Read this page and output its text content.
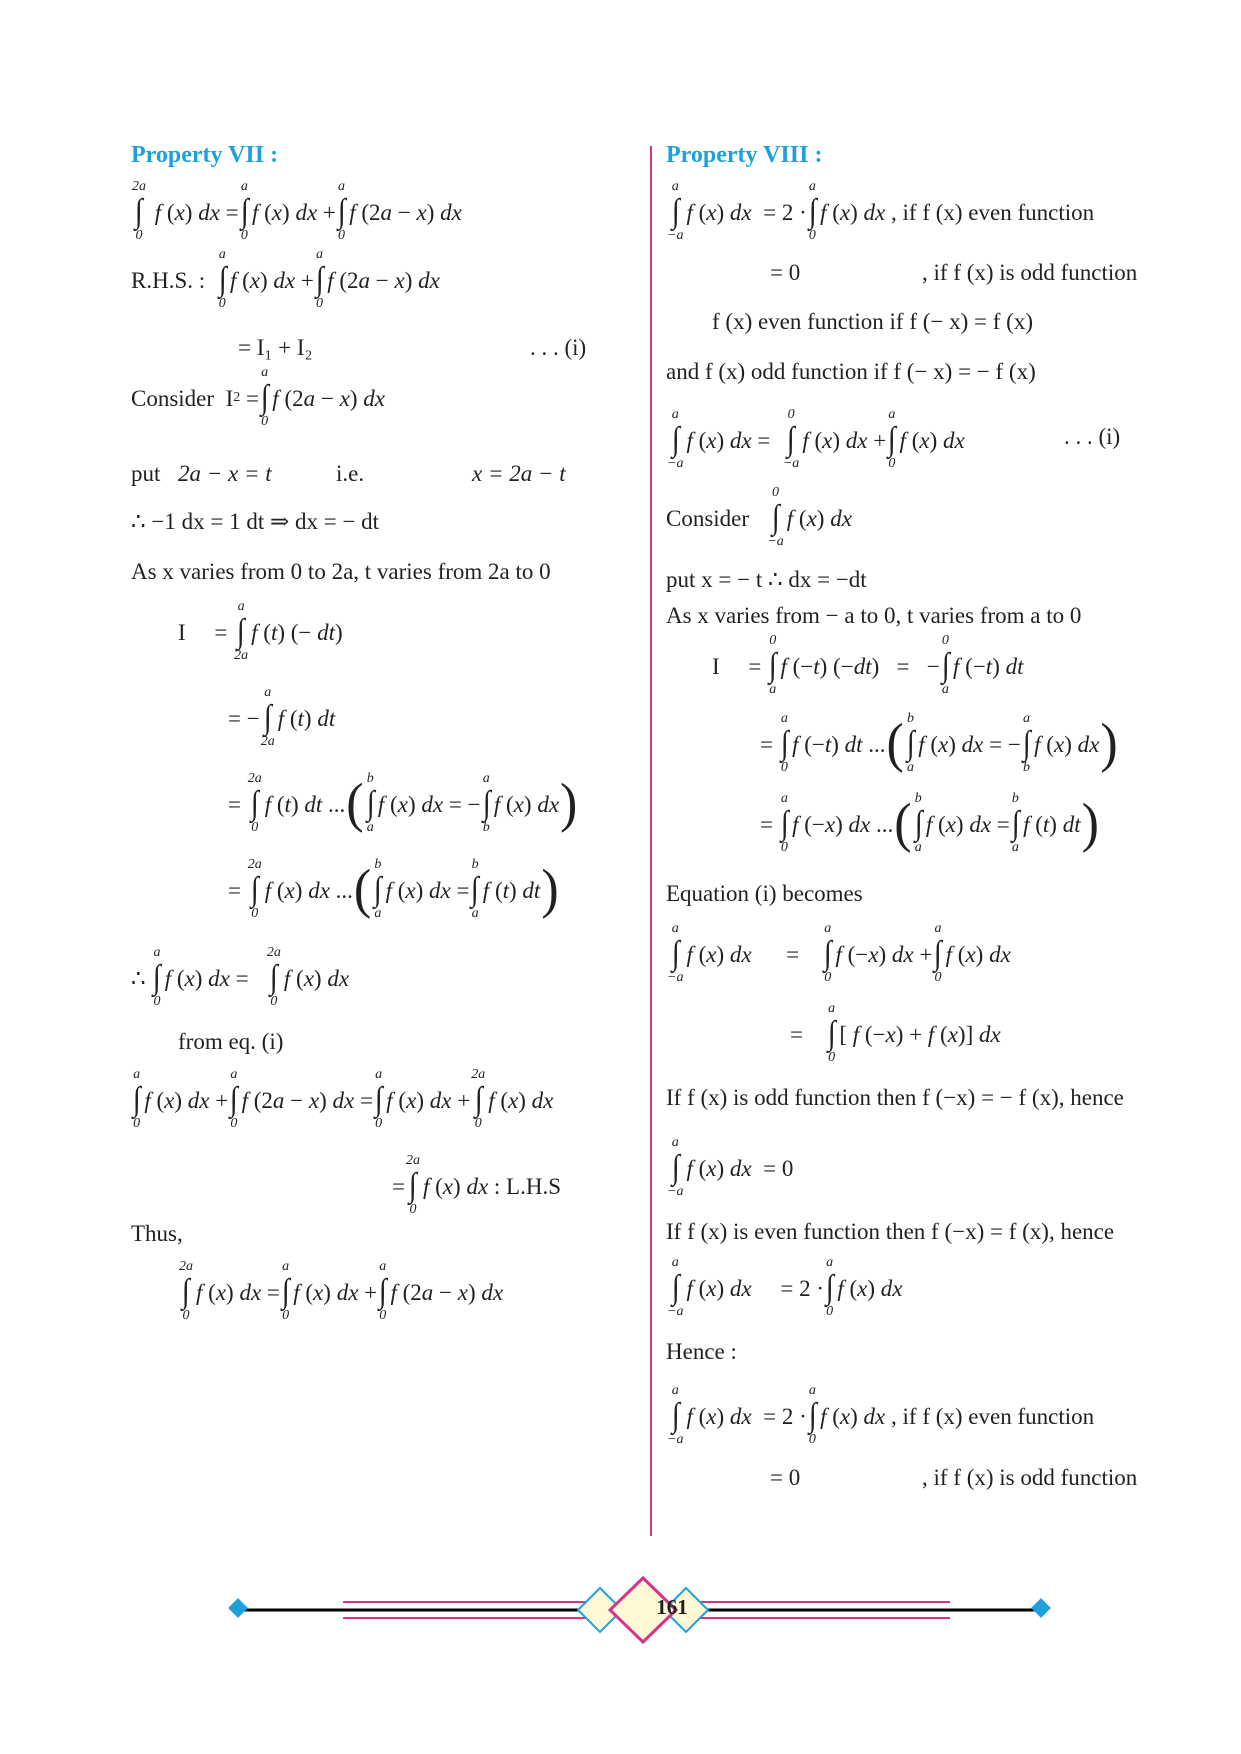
Property VII :
2a
∫
0
f ( x ) dx =
a
∫
0
f ( x ) dx +
a
∫
0
f (2 a − x ) dx
R.H.S. :

a
∫
0
f ( x ) dx +
a
∫
0
f (2 a − x ) dx
= I₁ + I₂	. . . (i)
Consider I 2 =
a
∫
0
f (2 a − x ) dx
put 2a − x = t	i.e.	x = 2a − t
∴ −1 dx = 1 dt ⇒ dx = − dt
As x varies from 0 to 2a, t varies from 2a to 0
I     =
a
∫
2a
f ( t ) (− dt )
= −
a
∫
2a
f ( t ) dt
=
2a
∫
0
f ( t ) dt ... ( b
∫
a
f ( x ) dx = −
a
∫
b
f ( x ) dx )
=
2a
∫
0
f ( x ) dx ... ( b
∫
a
f ( x ) dx =
b
∫
a
f ( t ) dt )
∴
a
∫
0
f ( x ) dx =
2a
∫
0
f ( x ) dx
from eq. (i)
a
∫
0
f ( x ) dx +
a
∫
0
f (2 a − x ) dx =
a
∫
0
f ( x ) dx +
2a
∫
0
f ( x ) dx
=
2a
∫
0
f ( x ) dx
: L.H.S
Thus,
2a
∫
0
f ( x ) dx =
a
∫
0
f ( x ) dx +
a
∫
0
f (2 a − x ) dx
Property VIII :
a
∫
−a
f ( x ) dx = 2 ·
a
∫
0
f ( x ) dx , if f (x) even function
= 0	, if f (x) is odd function
f (x) even function if f (− x) = f (x)
and f (x) odd function if f (− x) = − f (x)
a
∫
−a
f ( x ) dx =
0
∫
−a
f ( x ) dx +
a
∫
0
f ( x ) dx	. . . (i)
Consider

0
∫
−a
f ( x ) dx
put x = − t ∴ dx = −dt
As x varies from − a to 0, t varies from a to 0
I     =
0
∫
a
f (− t ) (− dt )   =   −
0
∫
a
f (− t ) dt
=
a
∫
0
f (− t ) dt ... ( b
∫
a
f ( x ) dx = −
a
∫
b
f ( x ) dx )
=
a
∫
0
f (− x ) dx ... ( b
∫
a
f ( x ) dx =
b
∫
a
f ( t ) dt )
Equation (i) becomes
a
∫
−a
f ( x ) dx =
a
∫
0
f (− x ) dx +
a
∫
0
f ( x ) dx
=
a
∫
0
[ f (− x ) + f ( x )] dx
If f (x) is odd function then f (−x) = − f (x), hence
a
∫
−a
f ( x ) dx = 0
If f (x) is even function then f (−x) = f (x), hence
a
∫
−a
f ( x ) dx = 2 ·
a
∫
0
f ( x ) dx
Hence :
a
∫
−a
f ( x ) dx = 2 ·
a
∫
0
f ( x ) dx , if f (x) even function
= 0	, if f (x) is odd function
161
